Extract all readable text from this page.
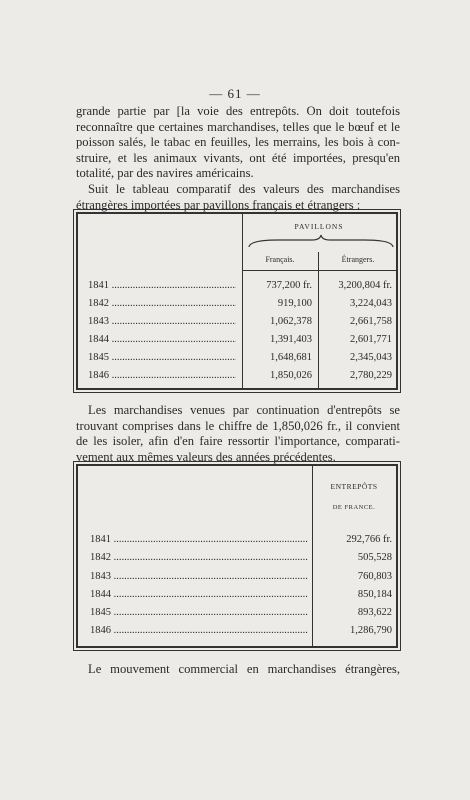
— 61 —
grande partie par [la voie des entrepôts. On doit toutefois
reconnaître que certaines marchandises, telles que le bœuf et le
poisson salés, le tabac en feuilles, les merrains, les bois à con-
struire, et les animaux vivants, ont été importées, presqu'en
totalité, par des navires américains.
Suit le tableau comparatif des valeurs des marchandises
étrangères importées par pavillons français et étrangers :
PAVILLONS
Français.	Étrangers.
1841 .....	737,200 fr.	3,200,804 fr.
1842 .....	919,100	3,224,043
1843 .....	1,062,378	2,661,758
1844 .....	1,391,403	2,601,771
1845 .....	1,648,681	2,345,043
1846 .....	1,850,026	2,780,229
Les marchandises venues par continuation d'entrepôts se
trouvant comprises dans le chiffre de 1,850,026 fr., il convient
de les isoler, afin d'en faire ressortir l'importance, comparati-
vement aux mêmes valeurs des années précédentes.
ENTREPÔTS
DE FRANCE.
1841 .....	292,766 fr.
1842 .....	505,528
1843 .....	760,803
1844 .....	850,184
1845 .....	893,622
1846 .....	1,286,790
Le mouvement commercial en marchandises étrangères,
